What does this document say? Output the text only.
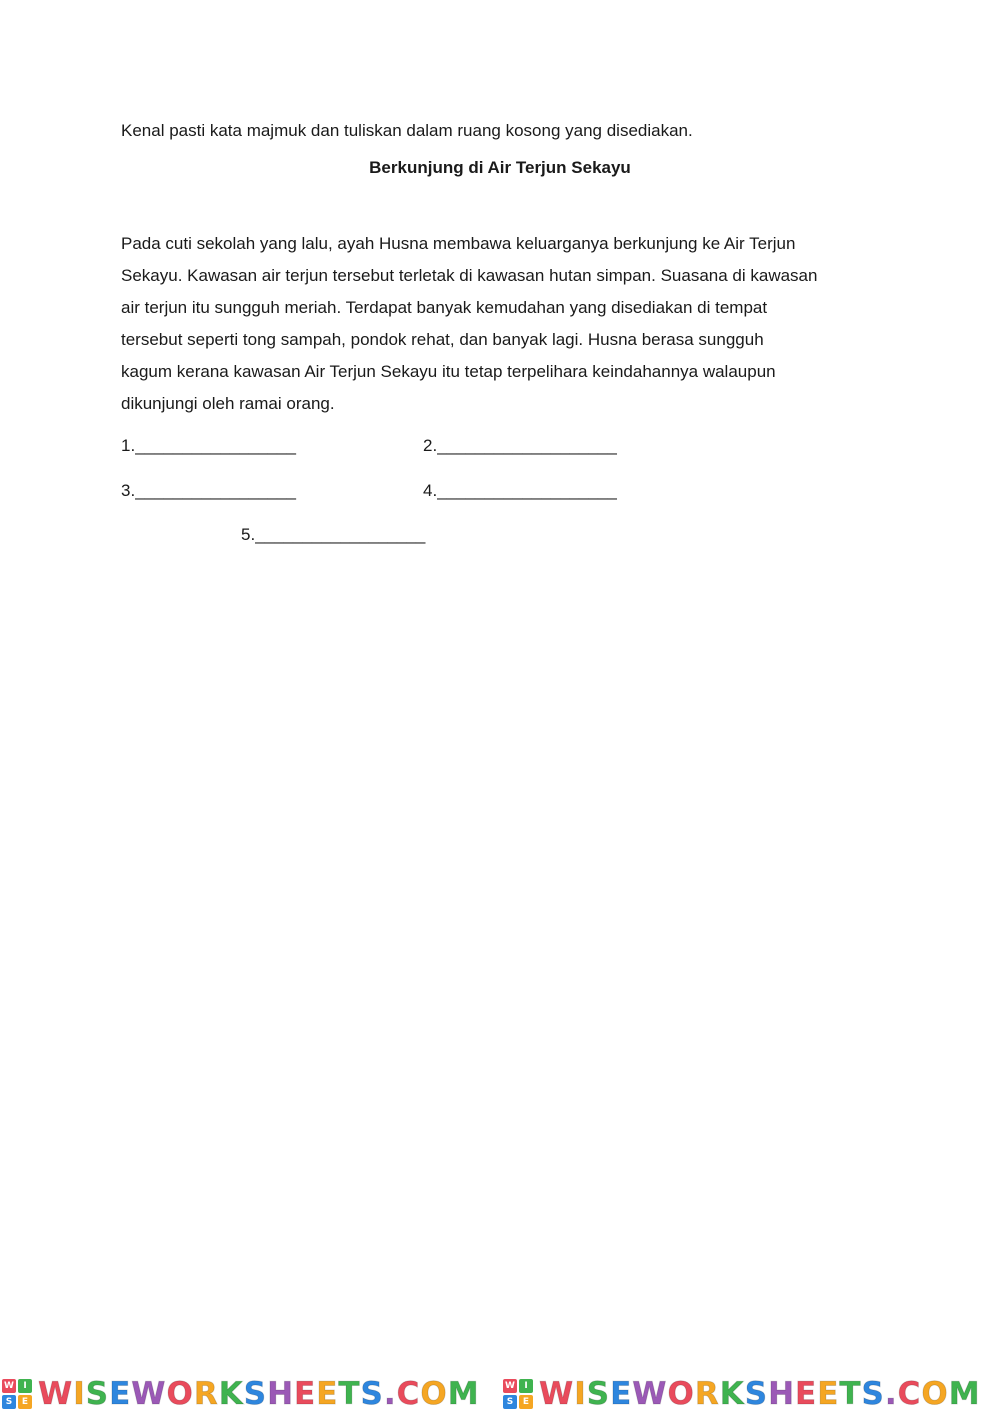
Kenal pasti kata majmuk dan tuliskan dalam ruang kosong yang disediakan.

Berkunjung di Air Terjun Sekayu

Pada cuti sekolah yang lalu, ayah Husna membawa keluarganya berkunjung ke Air Terjun
Sekayu. Kawasan air terjun tersebut terletak di kawasan hutan simpan. Suasana di kawasan
air terjun itu sungguh meriah. Terdapat banyak kemudahan yang disediakan di tempat
tersebut seperti tong sampah, pondok rehat, dan banyak lagi. Husna berasa sungguh
kagum kerana kawasan Air Terjun Sekayu itu tetap terpelihara keindahannya walaupun
dikunjungi oleh ramai orang.
1._________________	2.___________________
3._________________	4.___________________
5.__________________
W	I
S	E WISEWORKSHEETS.COM	W	I
S	E WISEWORKSHEETS.COM
